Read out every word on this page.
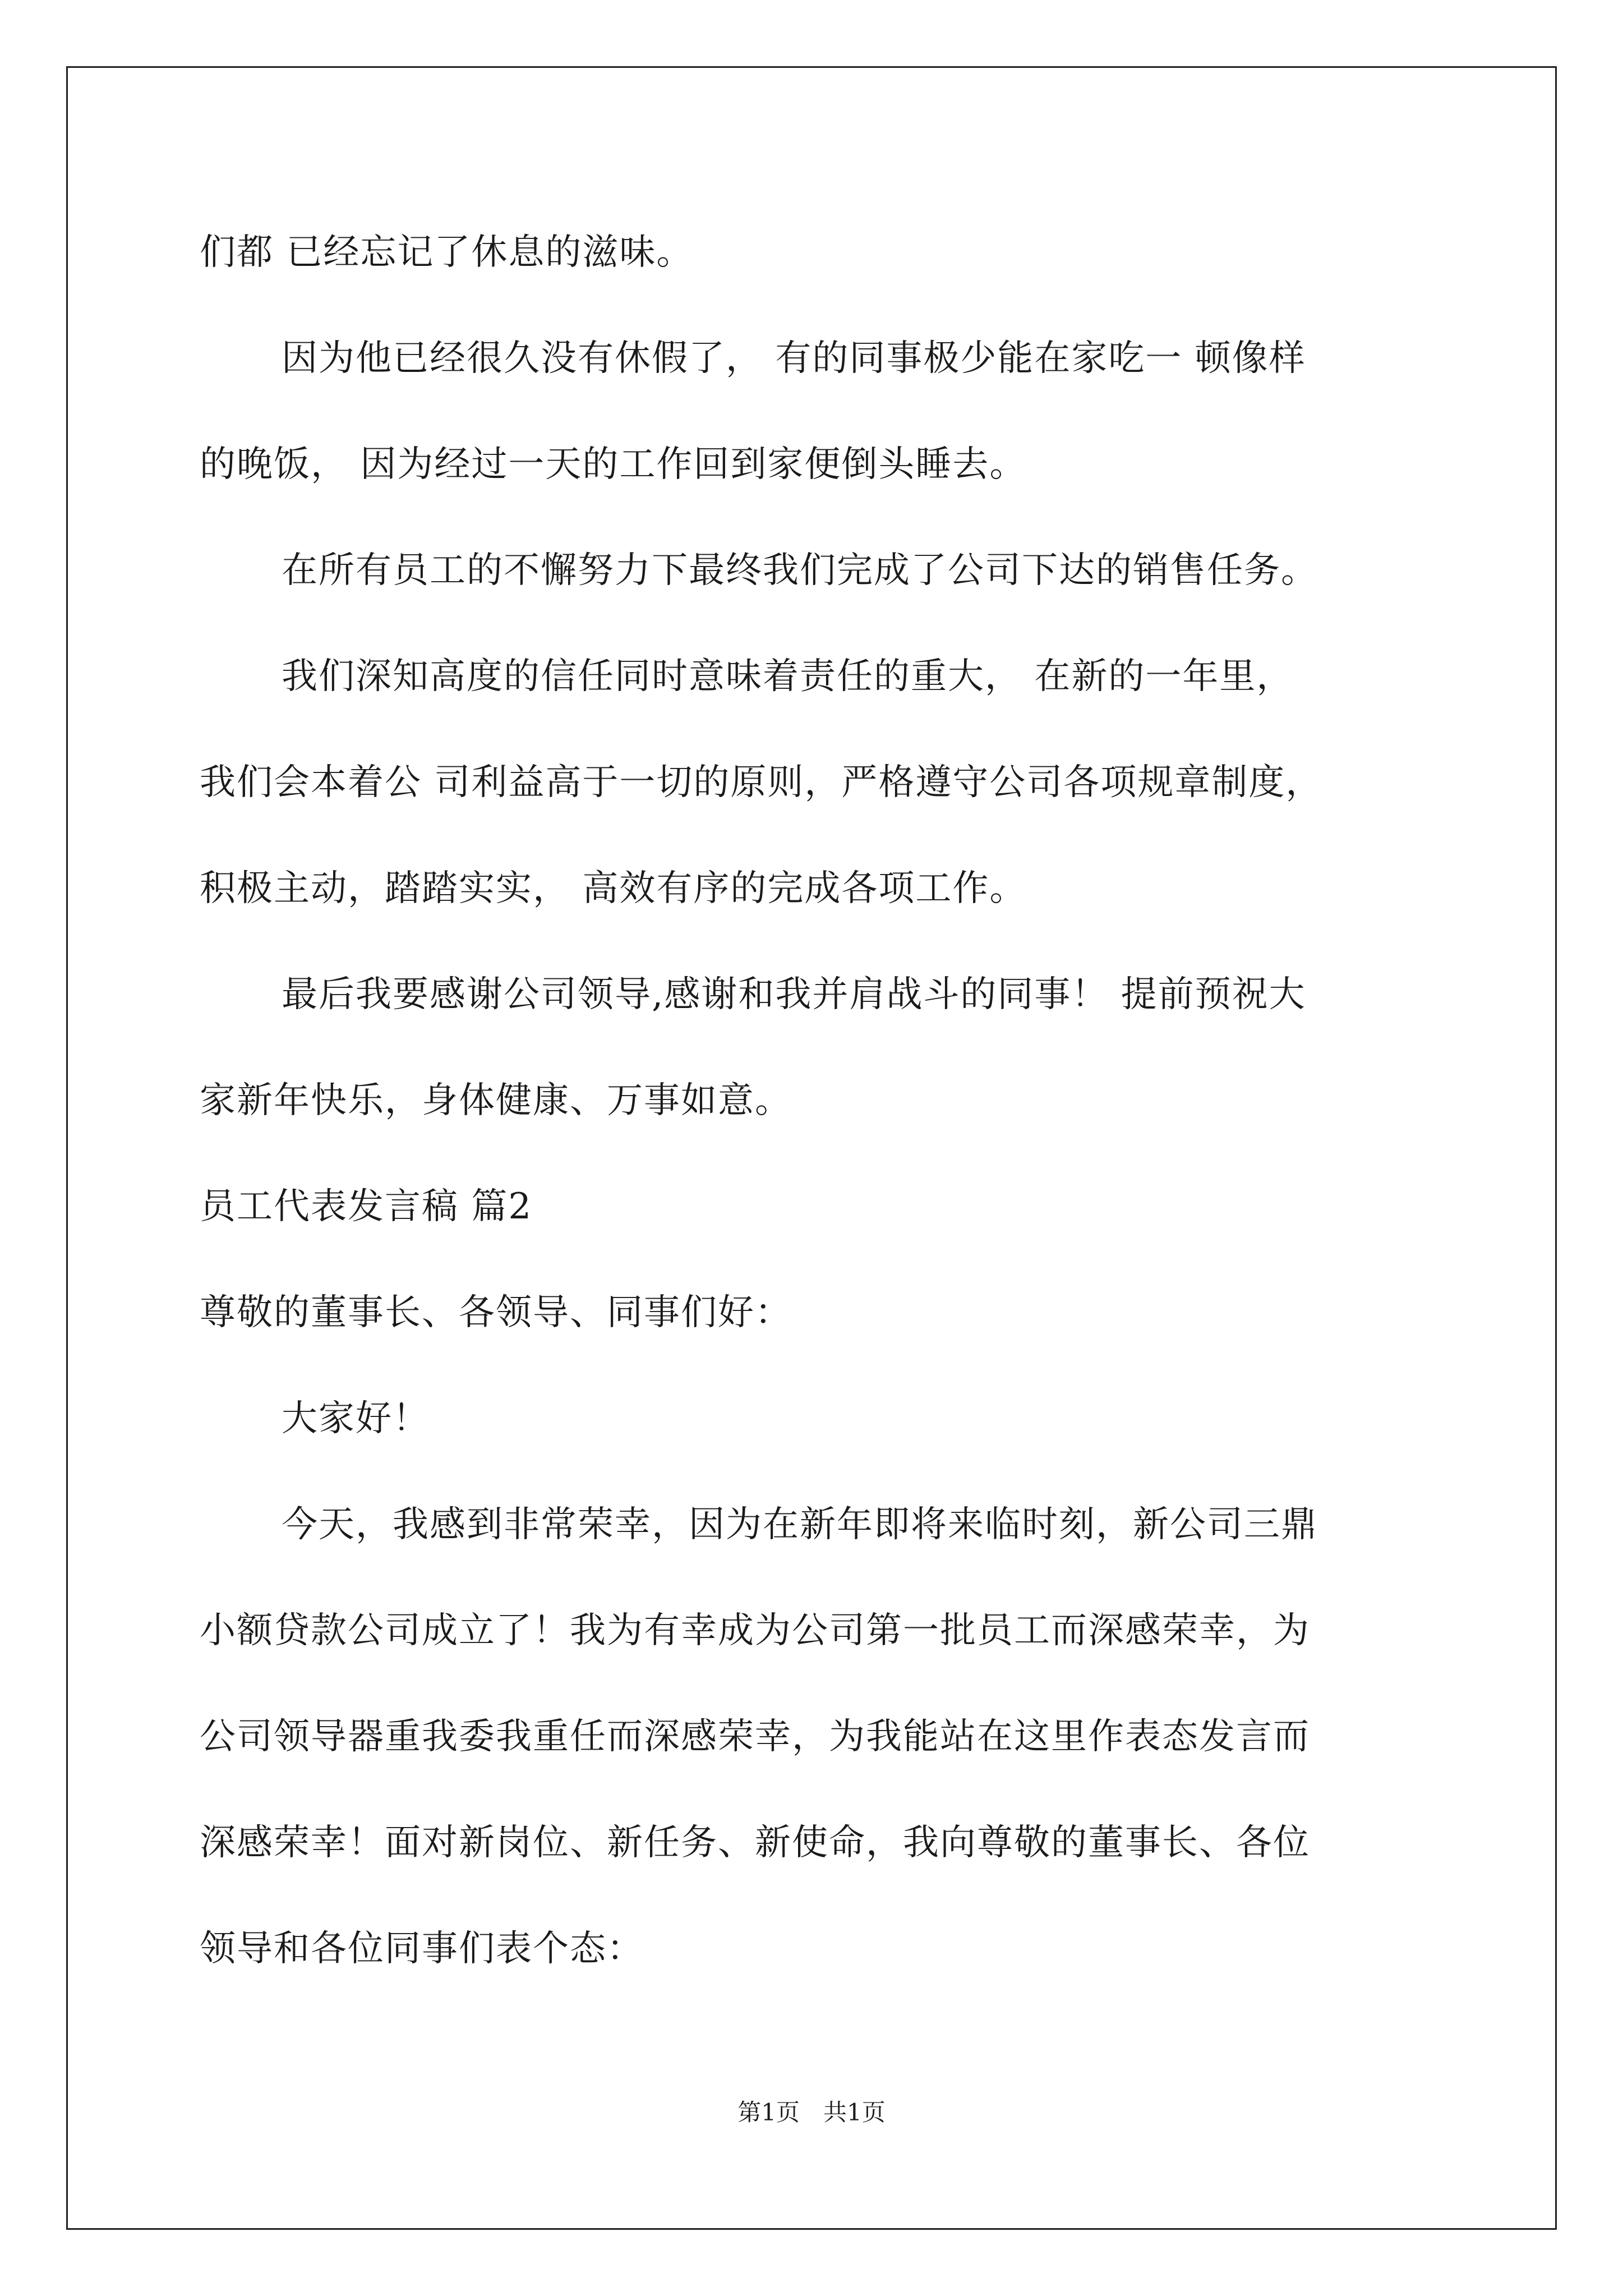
们都 已经忘记了休息的滋味。
因为他已经很久没有休假了， 有的同事极少能在家吃一 顿像样
的晚饭， 因为经过一天的工作回到家便倒头睡去。
在所有员工的不懈努力下最终我们完成了公司下达的销售任务。
我们深知高度的信任同时意味着责任的重大， 在新的一年里，
我们会本着公 司利益高于一切的原则，严格遵守公司各项规章制度，
积极主动，踏踏实实， 高效有序的完成各项工作。
最后我要感谢公司领导,感谢和我并肩战斗的同事！ 提前预祝大
家新年快乐，身体健康、万事如意。
员工代表发言稿 篇2
尊敬的董事长、各领导、同事们好：
大家好！
今天，我感到非常荣幸，因为在新年即将来临时刻，新公司三鼎
小额贷款公司成立了！我为有幸成为公司第一批员工而深感荣幸，为
公司领导器重我委我重任而深感荣幸，为我能站在这里作表态发言而
深感荣幸！面对新岗位、新任务、新使命，我向尊敬的董事长、各位
领导和各位同事们表个态：
第1页　共1页
